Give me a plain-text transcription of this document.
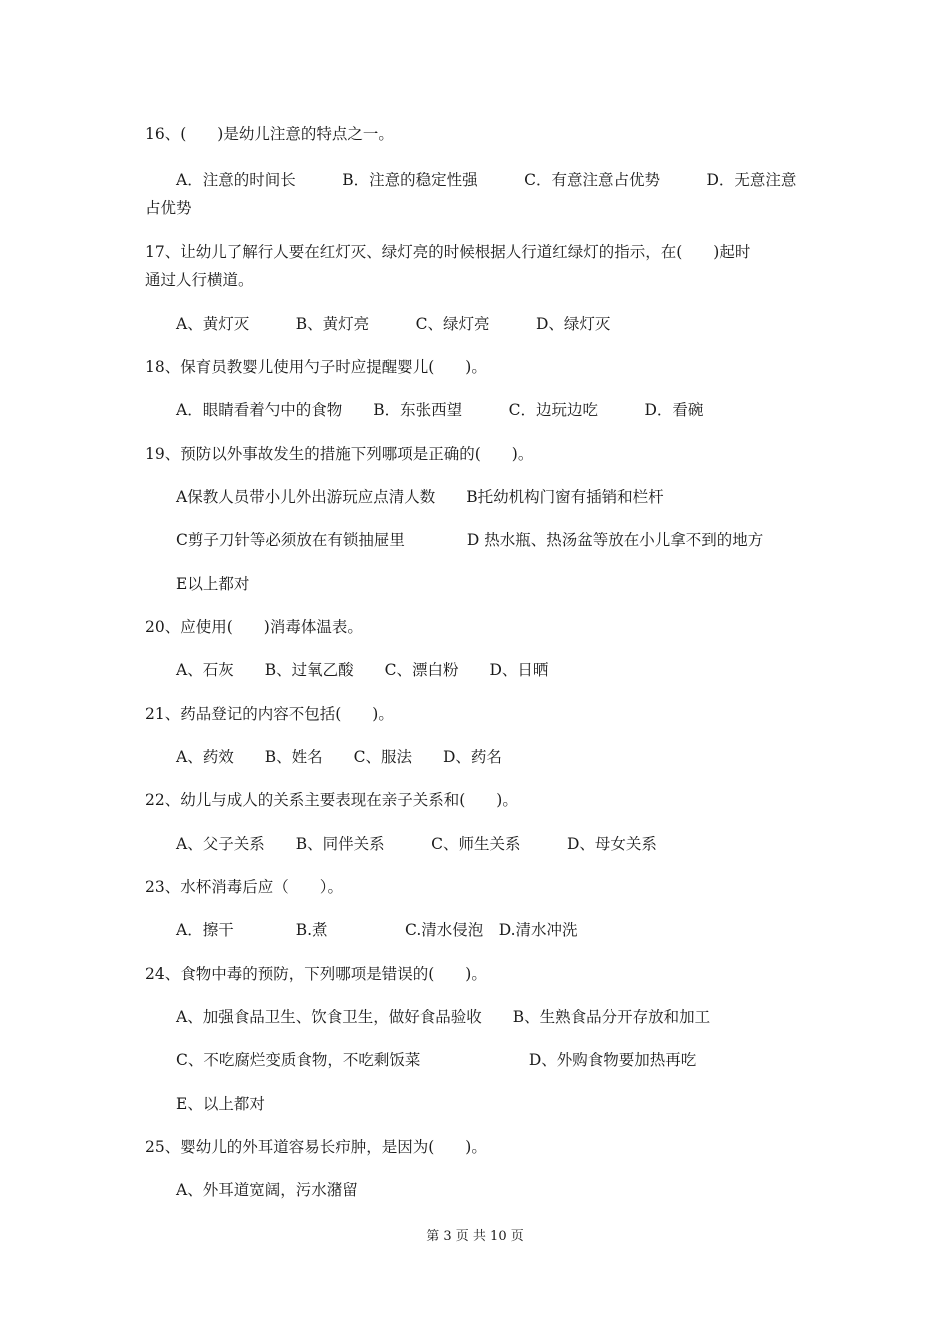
16、(　　)是幼儿注意的特点之一。
A．注意的时间长　　　B．注意的稳定性强　　　C．有意注意占优势　　　D．无意注意
占优势
17、让幼儿了解行人要在红灯灭、绿灯亮的时候根据人行道红绿灯的指示，在(　　)起时
通过人行横道。
A、黄灯灭　　　B、黄灯亮　　　C、绿灯亮　　　D、绿灯灭
18、保育员教婴儿使用勺子时应提醒婴儿(　　)。
A．眼睛看着勺中的食物　　B．东张西望　　　C．边玩边吃　　　D．看碗
19、预防以外事故发生的措施下列哪项是正确的(　　)。
A保教人员带小儿外出游玩应点清人数　　B托幼机构门窗有插销和栏杆
C剪子刀针等必须放在有锁抽屉里　　　　D 热水瓶、热汤盆等放在小儿拿不到的地方
E以上都对
20、应使用(　　)消毒体温表。
A、石灰　　B、过氧乙酸　　C、漂白粉　　D、日晒
21、药品登记的内容不包括(　　)。
A、药效　　B、姓名　　C、服法　　D、药名
22、幼儿与成人的关系主要表现在亲子关系和(　　)。
A、父子关系　　B、同伴关系　　　C、师生关系　　　D、母女关系
23、水杯消毒后应（　　）。
A．擦干　　　　B.煮　　　　　C.清水侵泡　D.清水冲洗
24、食物中毒的预防，下列哪项是错误的(　　)。
A、加强食品卫生、饮食卫生，做好食品验收　　B、生熟食品分开存放和加工
C、不吃腐烂变质食物，不吃剩饭菜　　　　　　　D、外购食物要加热再吃
E、以上都对
25、婴幼儿的外耳道容易长疖肿，是因为(　　)。
A、外耳道宽阔，污水潴留
第 3 页 共 10 页
